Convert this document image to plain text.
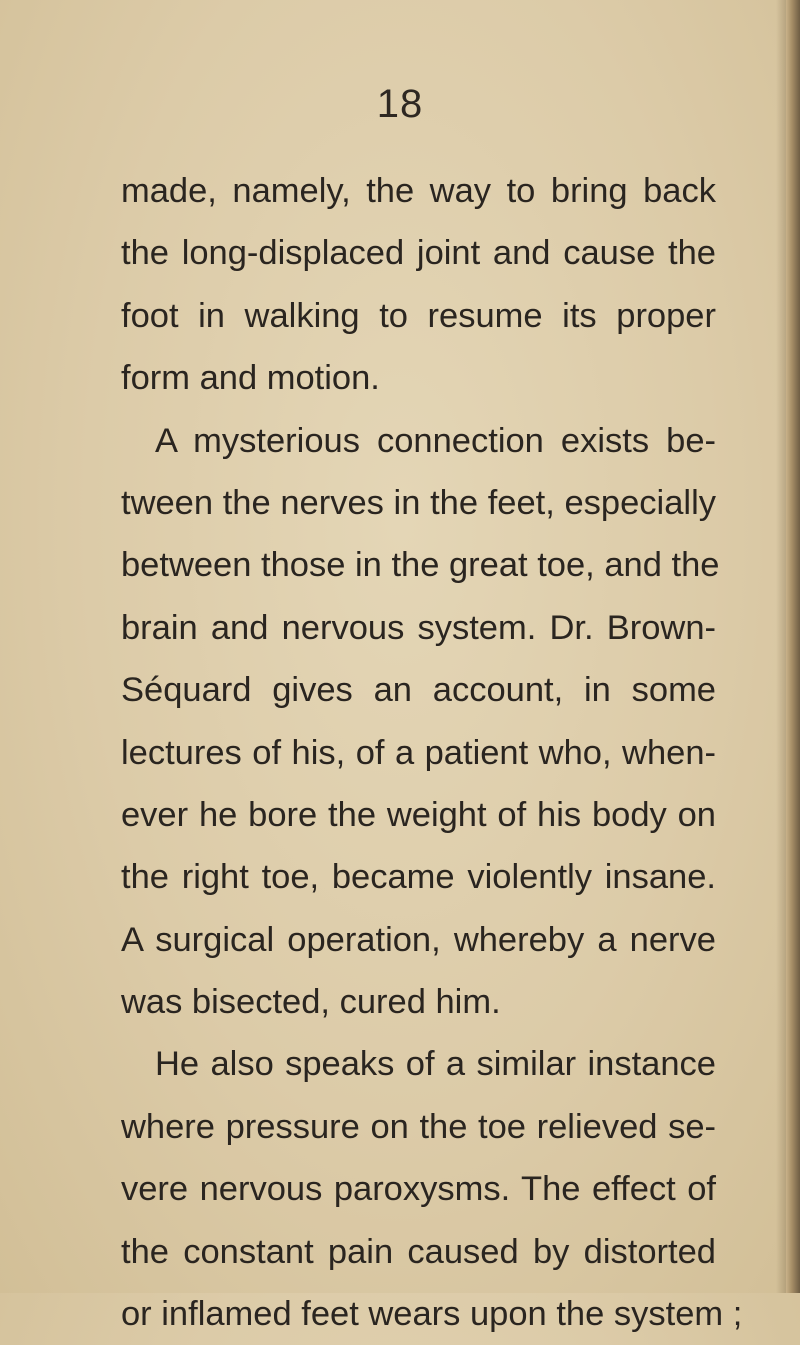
18
made, namely, the way to bring back
the long-displaced joint and cause the
foot in walking to resume its proper
form and motion.
A mysterious connection exists be-
tween the nerves in the feet, especially
between those in the great toe, and the
brain and nervous system. Dr. Brown-
Séquard gives an account, in some
lectures of his, of a patient who, when-
ever he bore the weight of his body on
the right toe, became violently insane.
A surgical operation, whereby a nerve
was bisected, cured him.
He also speaks of a similar instance
where pressure on the toe relieved se-
vere nervous paroxysms. The effect of
the constant pain caused by distorted
or inflamed feet wears upon the system ;
